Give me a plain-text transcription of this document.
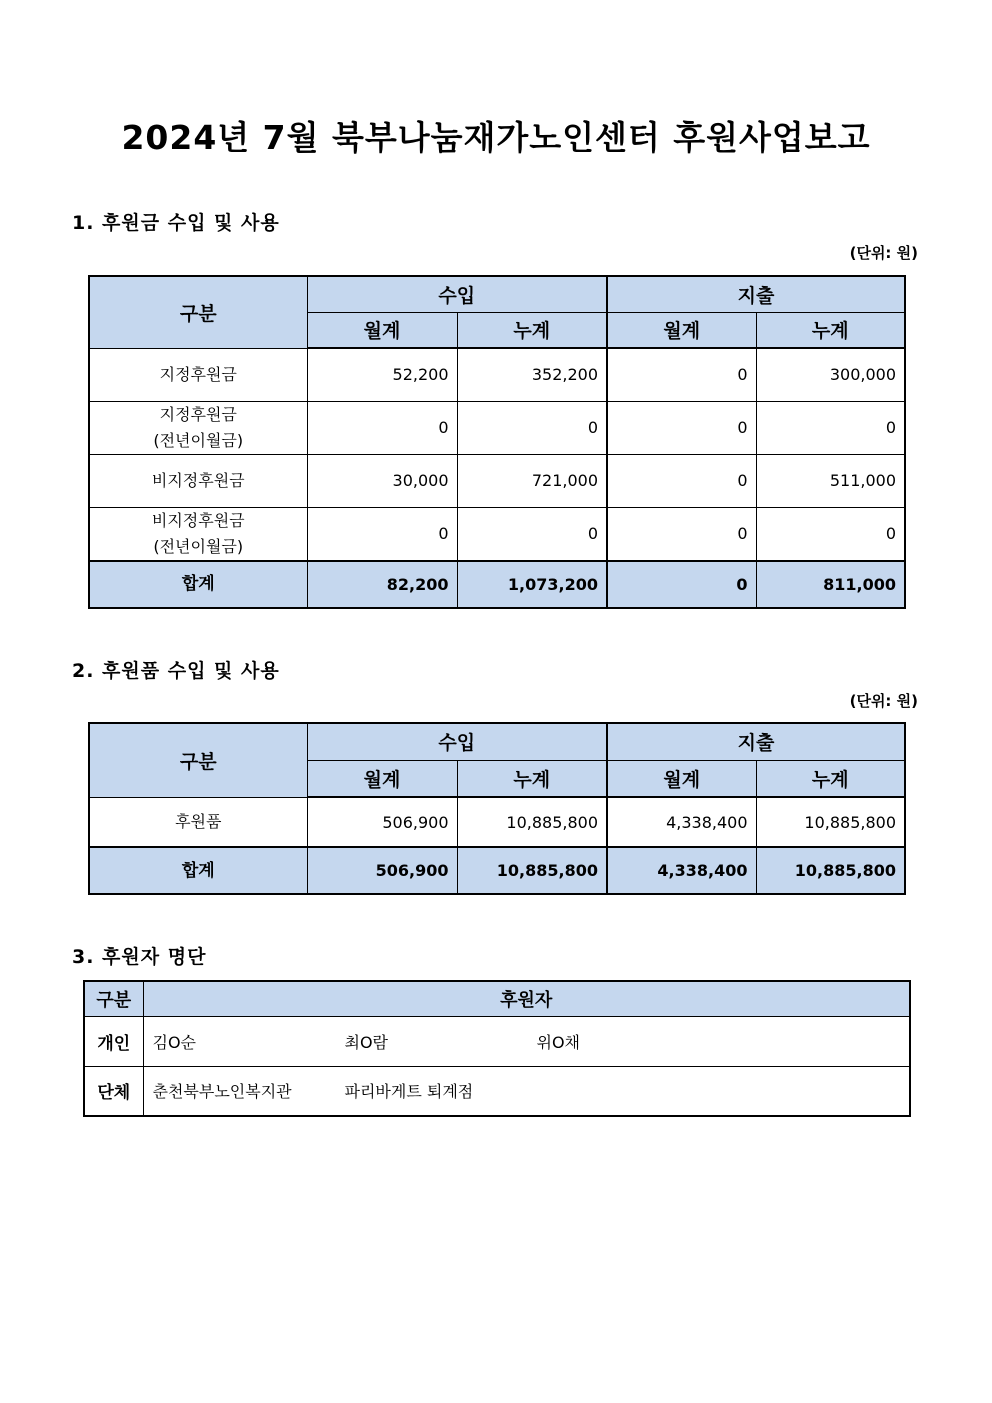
2024년 7월 북부나눔재가노인센터 후원사업보고
1. 후원금 수입 및 사용
(단위: 원)
구분	수입		지출	
	월계	누계	월계	누계
지정후원금	52,200	352,200	0	300,000
지정후원금
(전년이월금)	0	0	0	0
비지정후원금	30,000	721,000	0	511,000
비지정후원금
(전년이월금)	0	0	0	0
합계	82,200	1,073,200	0	811,000
2. 후원품 수입 및 사용
(단위: 원)
구분	수입		지출	
	월계	누계	월계	누계
후원품	506,900	10,885,800	4,338,400	10,885,800
합계	506,900	10,885,800	4,338,400	10,885,800
3. 후원자 명단
구분	후원자
개인	김O순 최O람 위O채
단체	춘천북부노인복지관 파리바게트 퇴계점
